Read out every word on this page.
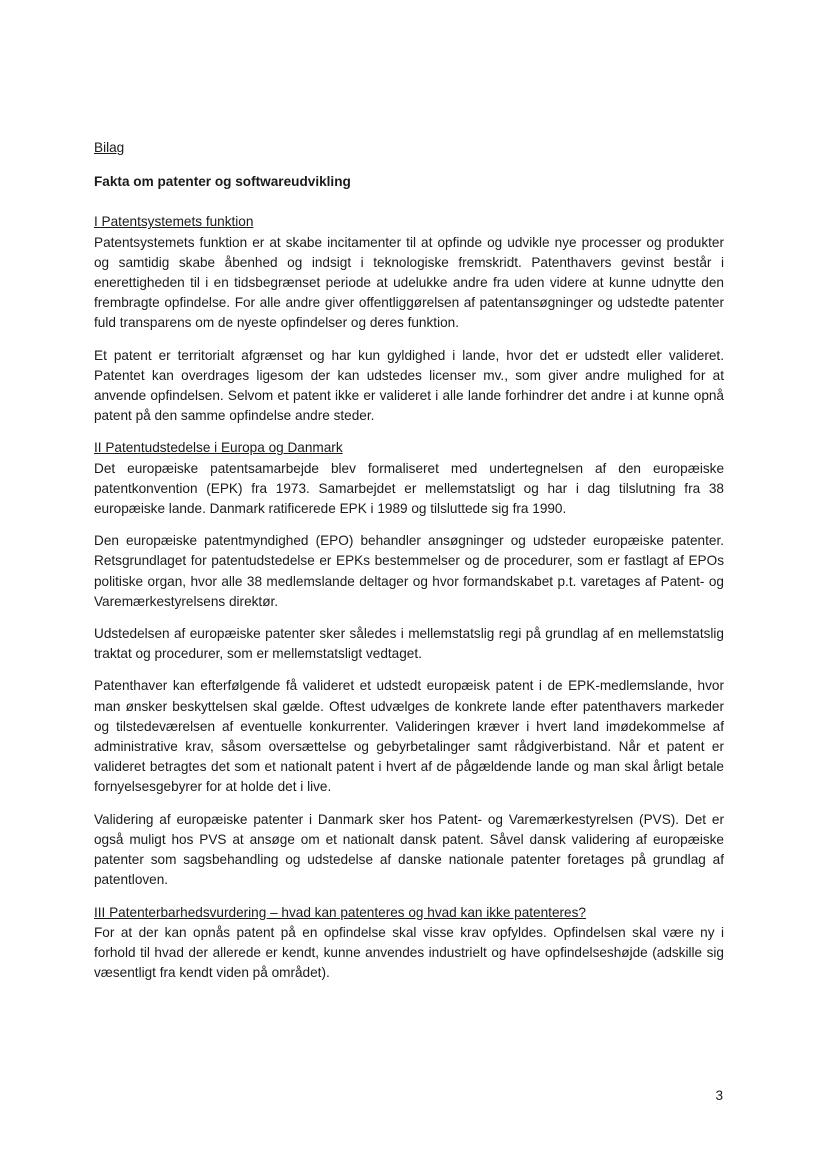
Bilag

Fakta om patenter og softwareudvikling

I Patentsystemets funktion

Patentsystemets funktion er at skabe incitamenter til at opfinde og udvikle nye processer og produkter og samtidig skabe åbenhed og indsigt i teknologiske fremskridt. Patenthavers gevinst består i enerettigheden til i en tidsbegrænset periode at udelukke andre fra uden videre at kunne udnytte den frembragte opfindelse. For alle andre giver offentliggørelsen af patentansøgninger og udstedte patenter fuld transparens om de nyeste opfindelser og deres funktion.

Et patent er territorialt afgrænset og har kun gyldighed i lande, hvor det er udstedt eller valideret. Patentet kan overdrages ligesom der kan udstedes licenser mv., som giver andre mulighed for at anvende opfindelsen. Selvom et patent ikke er valideret i alle lande forhindrer det andre i at kunne opnå patent på den samme opfindelse andre steder.

II Patentudstedelse i Europa og Danmark

Det europæiske patentsamarbejde blev formaliseret med undertegnelsen af den europæiske patentkonvention (EPK) fra 1973. Samarbejdet er mellemstatsligt og har i dag tilslutning fra 38 europæiske lande. Danmark ratificerede EPK i 1989 og tilsluttede sig fra 1990.

Den europæiske patentmyndighed (EPO) behandler ansøgninger og udsteder europæiske patenter. Retsgrundlaget for patentudstedelse er EPKs bestemmelser og de procedurer, som er fastlagt af EPOs politiske organ, hvor alle 38 medlemslande deltager og hvor formandskabet p.t. varetages af Patent- og Varemærkestyrelsens direktør.

Udstedelsen af europæiske patenter sker således i mellemstatslig regi på grundlag af en mellemstatslig traktat og procedurer, som er mellemstatsligt vedtaget.

Patenthaver kan efterfølgende få valideret et udstedt europæisk patent i de EPK-medlemslande, hvor man ønsker beskyttelsen skal gælde. Oftest udvælges de konkrete lande efter patenthavers markeder og tilstedeværelsen af eventuelle konkurrenter. Valideringen kræver i hvert land imødekommelse af administrative krav, såsom oversættelse og gebyrbetalinger samt rådgiverbistand. Når et patent er valideret betragtes det som et nationalt patent i hvert af de pågældende lande og man skal årligt betale fornyelsesgebyrer for at holde det i live.

Validering af europæiske patenter i Danmark sker hos Patent- og Varemærkestyrelsen (PVS). Det er også muligt hos PVS at ansøge om et nationalt dansk patent. Såvel dansk validering af europæiske patenter som sagsbehandling og udstedelse af danske nationale patenter foretages på grundlag af patentloven.

III Patenterbarhedsvurdering – hvad kan patenteres og hvad kan ikke patenteres?

For at der kan opnås patent på en opfindelse skal visse krav opfyldes. Opfindelsen skal være ny i forhold til hvad der allerede er kendt, kunne anvendes industrielt og have opfindelseshøjde (adskille sig væsentligt fra kendt viden på området).

3
